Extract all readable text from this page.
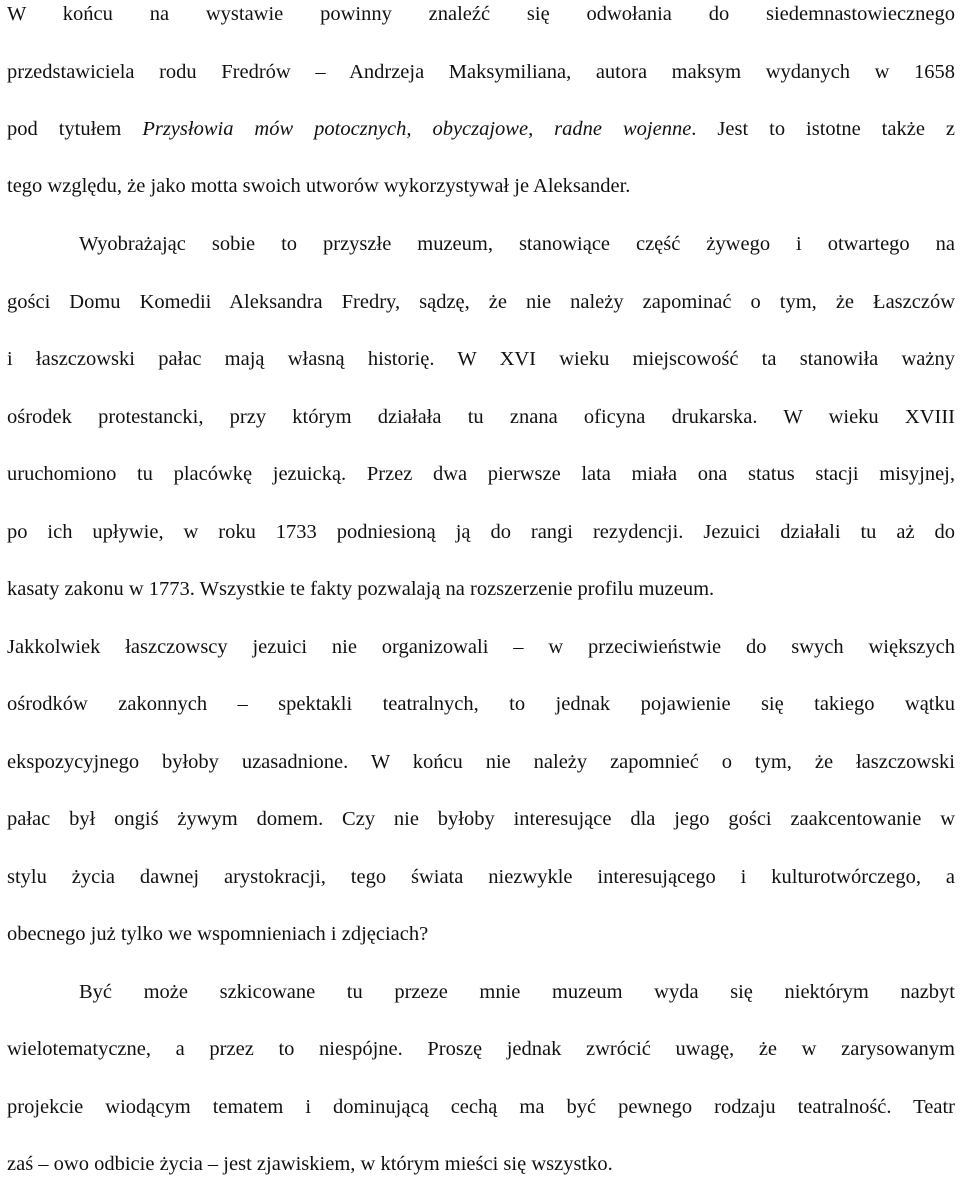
W końcu na wystawie powinny znaleźć się odwołania do siedemnastowiecznego
przedstawiciela rodu Fredrów – Andrzeja Maksymiliana, autora maksym wydanych w 1658
pod tytułem Przysłowia mów potocznych, obyczajowe, radne wojenne. Jest to istotne także z
tego względu, że jako motta swoich utworów wykorzystywał je Aleksander.
Wyobrażając sobie to przyszłe muzeum, stanowiące część żywego i otwartego na
gości Domu Komedii Aleksandra Fredry, sądzę, że nie należy zapominać o tym, że Łaszczów
i łaszczowski pałac mają własną historię. W XVI wieku miejscowość ta stanowiła ważny
ośrodek protestancki, przy którym działała tu znana oficyna drukarska. W wieku XVIII
uruchomiono tu placówkę jezuicką. Przez dwa pierwsze lata miała ona status stacji misyjnej,
po ich upływie, w roku 1733 podniesioną ją do rangi rezydencji. Jezuici działali tu aż do
kasaty zakonu w 1773. Wszystkie te fakty pozwalają na rozszerzenie profilu muzeum.
Jakkolwiek łaszczowscy jezuici nie organizowali – w przeciwieństwie do swych większych
ośrodków zakonnych – spektakli teatralnych, to jednak pojawienie się takiego wątku
ekspozycyjnego byłoby uzasadnione. W końcu nie należy zapomnieć o tym, że łaszczowski
pałac był ongiś żywym domem. Czy nie byłoby interesujące dla jego gości zaakcentowanie w
stylu życia dawnej arystokracji, tego świata niezwykle interesującego i kulturotwórczego, a
obecnego już tylko we wspomnieniach i zdjęciach?
Być może szkicowane tu przeze mnie muzeum wyda się niektórym nazbyt
wielotematyczne, a przez to niespójne. Proszę jednak zwrócić uwagę, że w zarysowanym
projekcie wiodącym tematem i dominującą cechą ma być pewnego rodzaju teatralność. Teatr
zaś – owo odbicie życia – jest zjawiskiem, w którym mieści się wszystko.
